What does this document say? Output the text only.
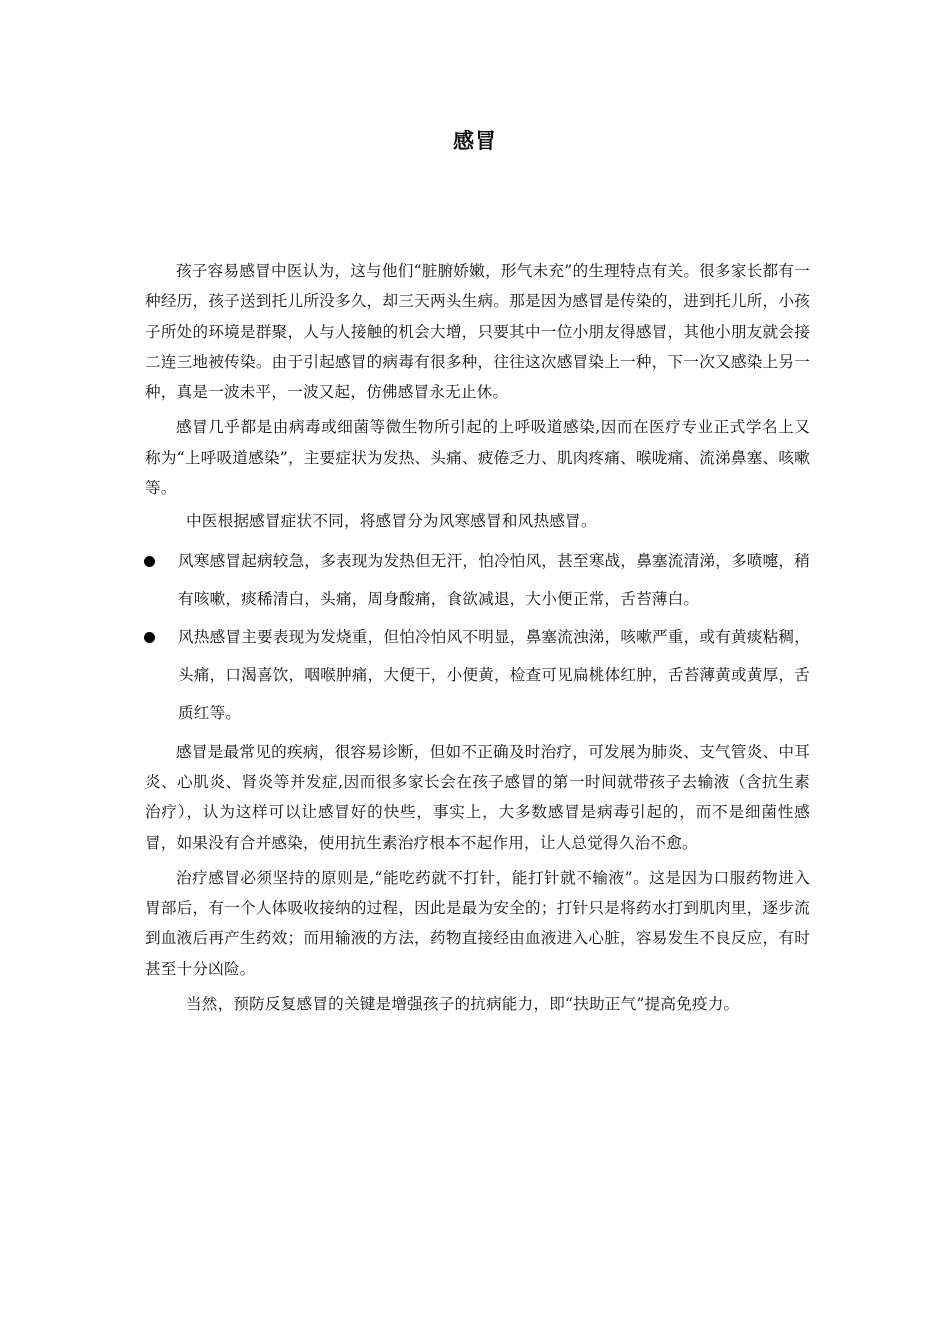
感冒

孩子容易感冒中医认为，这与他们“脏腑娇嫩，形气未充”的生理特点有关。很多家长都有一种经历，孩子送到托儿所没多久，却三天两头生病。那是因为感冒是传染的，进到托儿所，小孩子所处的环境是群聚，人与人接触的机会大增，只要其中一位小朋友得感冒，其他小朋友就会接二连三地被传染。由于引起感冒的病毒有很多种，往往这次感冒染上一种，下一次又感染上另一种，真是一波未平，一波又起，仿佛感冒永无止休。

感冒几乎都是由病毒或细菌等微生物所引起的上呼吸道感染,因而在医疗专业正式学名上又称为“上呼吸道感染”，主要症状为发热、头痛、疲倦乏力、肌肉疼痛、喉咙痛、流涕鼻塞、咳嗽等。

中医根据感冒症状不同，将感冒分为风寒感冒和风热感冒。

风寒感冒起病较急，多表现为发热但无汗，怕冷怕风，甚至寒战，鼻塞流清涕，多喷嚏，稍有咳嗽，痰稀清白，头痛，周身酸痛，食欲减退，大小便正常，舌苔薄白。
风热感冒主要表现为发烧重，但怕冷怕风不明显，鼻塞流浊涕，咳嗽严重，或有黄痰粘稠，头痛，口渴喜饮，咽喉肿痛，大便干，小便黄，检查可见扁桃体红肿，舌苔薄黄或黄厚，舌质红等。

感冒是最常见的疾病，很容易诊断，但如不正确及时治疗，可发展为肺炎、支气管炎、中耳炎、心肌炎、肾炎等并发症,因而很多家长会在孩子感冒的第一时间就带孩子去输液（含抗生素治疗），认为这样可以让感冒好的快些，事实上，大多数感冒是病毒引起的，而不是细菌性感冒，如果没有合并感染，使用抗生素治疗根本不起作用，让人总觉得久治不愈。

治疗感冒必须坚持的原则是,“能吃药就不打针，能打针就不输液”。这是因为口服药物进入胃部后，有一个人体吸收接纳的过程，因此是最为安全的；打针只是将药水打到肌肉里，逐步流到血液后再产生药效；而用输液的方法，药物直接经由血液进入心脏，容易发生不良反应，有时甚至十分凶险。

当然，预防反复感冒的关键是增强孩子的抗病能力，即“扶助正气”提高免疫力。
